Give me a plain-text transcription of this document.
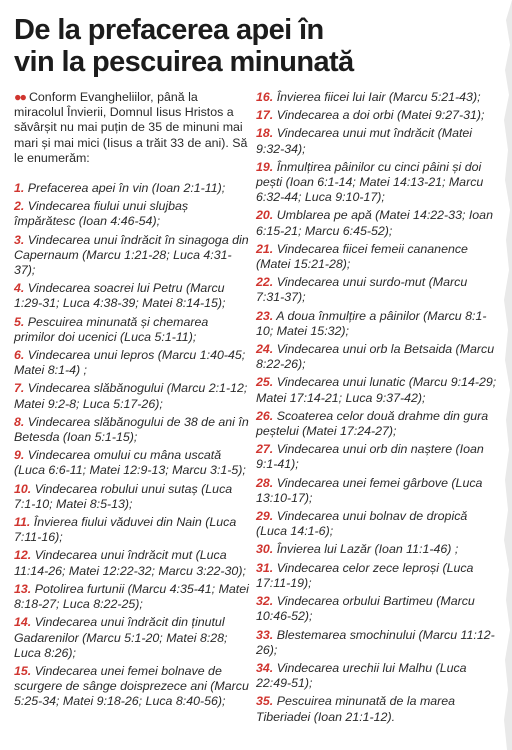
De la prefacerea apei în
vin la pescuirea minunată

●● Conform Evangheliilor, până la miracolul Învierii, Domnul Iisus Hristos a săvârșit nu mai puțin de 35 de minuni mai mari și mai mici (Iisus a trăit 33 de ani). Să le enumerăm:

1. Prefacerea apei în vin (Ioan 2:1-11);

2. Vindecarea fiului unui slujbaș împărătesc (Ioan 4:46-54);

3. Vindecarea unui îndrăcit în sinagoga din Capernaum (Marcu 1:21-28; Luca 4:31-37);

4. Vindecarea soacrei lui Petru (Marcu 1:29-31; Luca 4:38-39; Matei 8:14-15);

5. Pescuirea minunată și chemarea primilor doi ucenici (Luca 5:1-11);

6. Vindecarea unui lepros (Marcu 1:40-45; Matei 8:1-4) ;

7. Vindecarea slăbănogului (Marcu 2:1-12; Matei 9:2-8; Luca 5:17-26);

8. Vindecarea slăbănogului de 38 de ani în Betesda (Ioan 5:1-15);

9. Vindecarea omului cu mâna uscată (Luca 6:6-11; Matei 12:9-13; Marcu 3:1-5);

10. Vindecarea robului unui sutaș (Luca 7:1-10; Matei 8:5-13);

11. Învierea fiului văduvei din Nain (Luca 7:11-16);

12. Vindecarea unui îndrăcit mut (Luca 11:14-26; Matei 12:22-32; Marcu 3:22-30);

13. Potolirea furtunii (Marcu 4:35-41; Matei 8:18-27; Luca 8:22-25);

14. Vindecarea unui îndrăcit din ținutul Gadarenilor (Marcu 5:1-20; Matei 8:28; Luca 8:26);

15. Vindecarea unei femei bolnave de scurgere de sânge doisprezece ani (Marcu 5:25-34; Matei 9:18-26; Luca 8:40-56);

16. Învierea fiicei lui Iair (Marcu 5:21-43);

17. Vindecarea a doi orbi (Matei 9:27-31);

18. Vindecarea unui mut îndrăcit (Matei 9:32-34);

19. Înmulțirea pâinilor cu cinci pâini și doi pești (Ioan 6:1-14; Matei 14:13-21; Marcu 6:32-44; Luca 9:10-17);

20. Umblarea pe apă (Matei 14:22-33; Ioan 6:15-21; Marcu 6:45-52);

21. Vindecarea fiicei femeii cananence (Matei 15:21-28);

22. Vindecarea unui surdo-mut (Marcu 7:31-37);

23. A doua înmulțire a pâinilor (Marcu 8:1-10; Matei 15:32);

24. Vindecarea unui orb la Betsaida (Marcu 8:22-26);

25. Vindecarea unui lunatic (Marcu 9:14-29; Matei 17:14-21; Luca 9:37-42);

26. Scoaterea celor două drahme din gura peștelui (Matei 17:24-27);

27. Vindecarea unui orb din naștere (Ioan 9:1-41);

28. Vindecarea unei femei gârbove (Luca 13:10-17);

29. Vindecarea unui bolnav de dropică (Luca 14:1-6);

30. Învierea lui Lazăr (Ioan 11:1-46) ;

31. Vindecarea celor zece leproși (Luca 17:11-19);

32. Vindecarea orbului Bartimeu (Marcu 10:46-52);

33. Blestemarea smochinului (Marcu 11:12-26);

34. Vindecarea urechii lui Malhu (Luca 22:49-51);

35. Pescuirea minunată de la marea Tiberiadei (Ioan 21:1-12).
